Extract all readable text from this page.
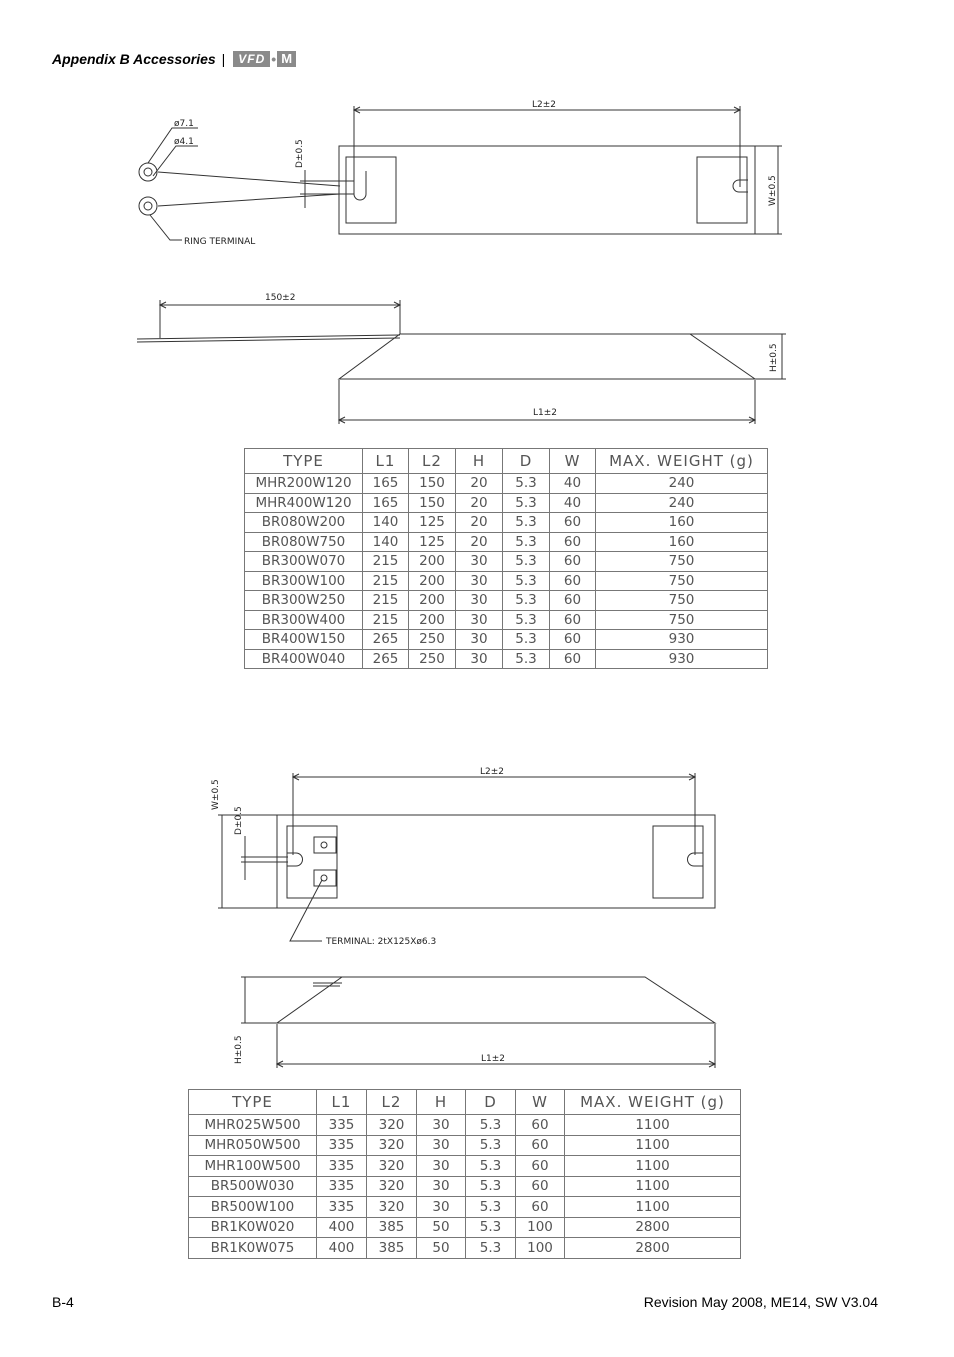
Appendix B Accessories |	VFD • M
L2±2
ø7.1
ø4.1	D±0.5
W±0.5
RING TERMINAL
150±2
H±0.5
L1±2
W±0.5
D±0.5
L2±2
TERMINAL: 2tX125Xø6.3
H±0.5	L1±2
TYPE	L1	L2	H	D	W	MAX. WEIGHT (g)
MHR200W120	165	150	20	5.3	40	240
MHR400W120	165	150	20	5.3	40	240
BR080W200	140	125	20	5.3	60	160
BR080W750	140	125	20	5.3	60	160
BR300W070	215	200	30	5.3	60	750
BR300W100	215	200	30	5.3	60	750
BR300W250	215	200	30	5.3	60	750
BR300W400	215	200	30	5.3	60	750
BR400W150	265	250	30	5.3	60	930
BR400W040	265	250	30	5.3	60	930
TYPE	L1	L2	H	D	W	MAX. WEIGHT (g)
MHR025W500	335	320	30	5.3	60	1100
MHR050W500	335	320	30	5.3	60	1100
MHR100W500	335	320	30	5.3	60	1100
BR500W030	335	320	30	5.3	60	1100
BR500W100	335	320	30	5.3	60	1100
BR1K0W020	400	385	50	5.3	100	2800
BR1K0W075	400	385	50	5.3	100	2800
B-4	Revision May 2008, ME14, SW V3.04
